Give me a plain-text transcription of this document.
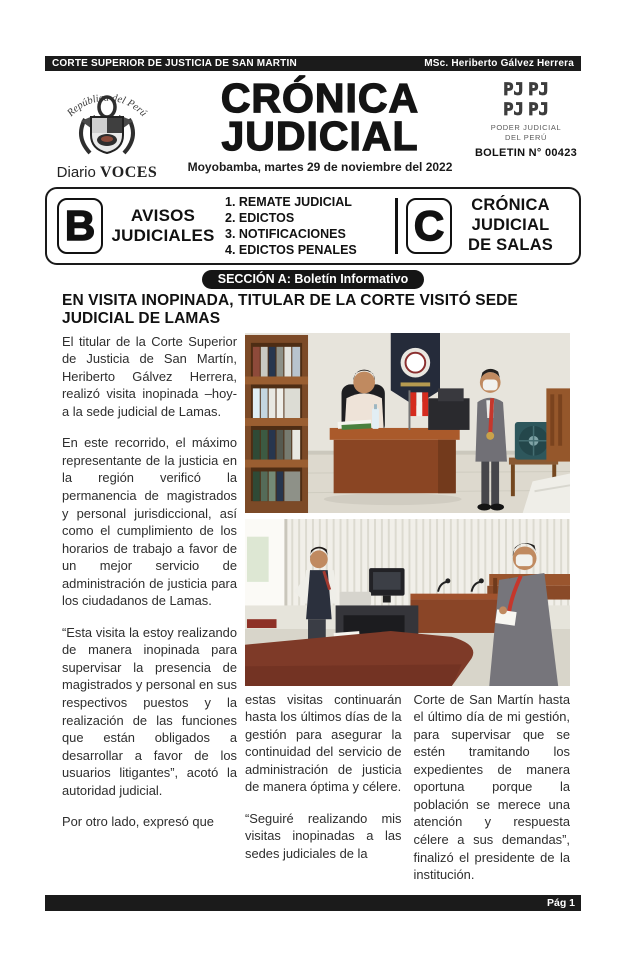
CORTE SUPERIOR DE JUSTICIA DE SAN MARTIN	MSc. Heriberto Gálvez Herrera
República del Perú
Diario VOCES
CRÓNICA
JUDICIAL
Moyobamba, martes 29 de noviembre del 2022
PJ PJ
PJ PJ
PODER JUDICIAL
DEL PERÚ
BOLETIN N° 00423
B	AVISOS
JUDICIALES
1. REMATE JUDICIAL
2. EDICTOS
3. NOTIFICACIONES
4. EDICTOS PENALES
C	CRÓNICA
JUDICIAL
DE SALAS
SECCIÓN A: Boletín Informativo
EN VISITA INOPINADA, TITULAR DE LA CORTE VISITÓ SEDE JUDICIAL DE LAMAS

El titular de la Corte Superior de Justicia de San Martín, Heriberto Gálvez Herrera, realizó visita inopinada –hoy- a la sede judicial de Lamas.

En este recorrido, el máximo representante de la justicia en la región verificó la permanencia de magistrados y personal jurisdiccional, así como el cumplimiento de los horarios de trabajo a favor de un mejor servicio de administración de justicia para los ciudadanos de Lamas.

“Esta visita la estoy realizando de manera inopinada para supervisar la presencia de magistrados y personal en sus respectivos puestos y la realización de las funciones que están obligados a desarrollar a favor de los usuarios litigantes”, acotó la autoridad judicial.

Por otro lado, expresó que

estas visitas continuarán hasta los últimos días de la gestión para asegurar la continuidad del servicio de administración de justicia de manera óptima y célere.

“Seguiré realizando mis visitas inopinadas a las sedes judiciales de la

Corte de San Martín hasta el último día de mi gestión, para supervisar que se estén tramitando los expedientes de manera oportuna porque la población se merece una atención y respuesta célere a sus demandas”, finalizó el presidente de la institución.

Pág 1
